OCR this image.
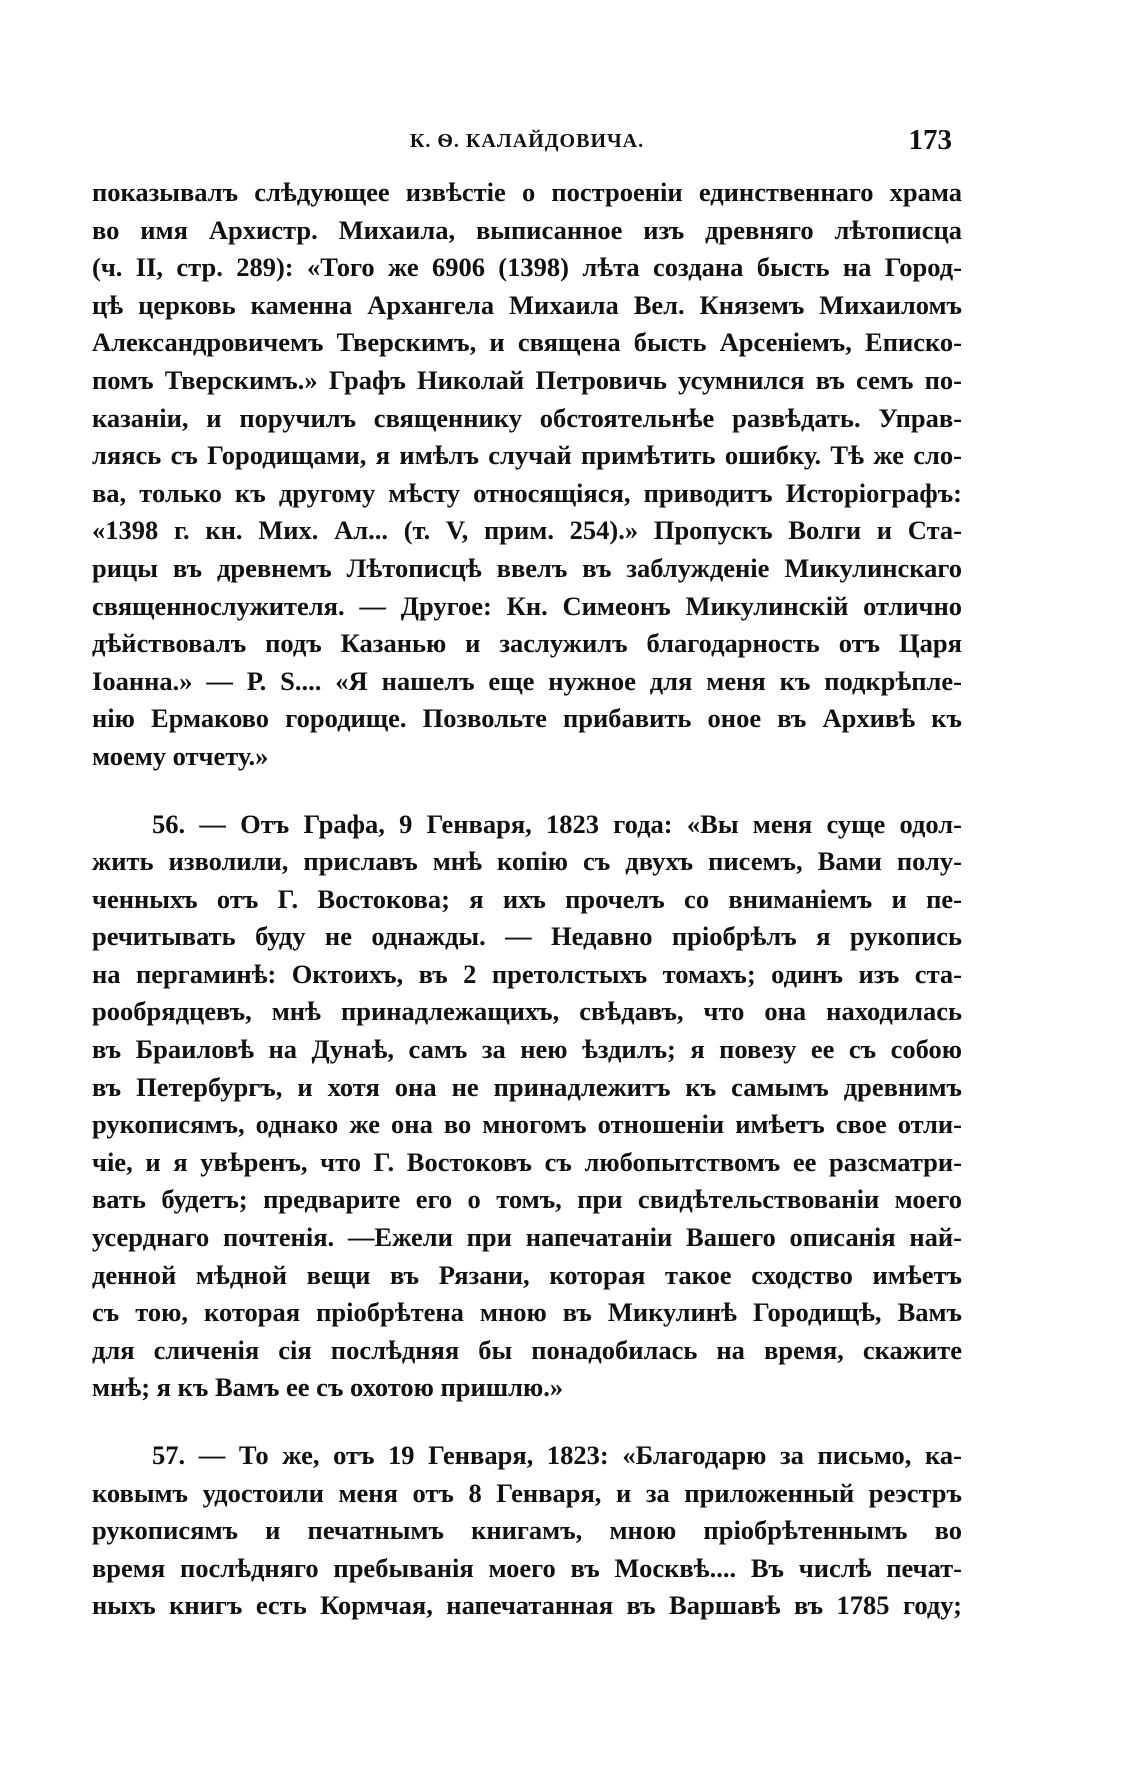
К. Ѳ. КАЛАЙДОВИЧА.	173
показывалъ слѣдующее извѣстіе о построеніи единственнаго храма
во имя Архистр. Михаила, выписанное изъ древняго лѣтописца
(ч. II, стр. 289): «Того же 6906 (1398) лѣта создана бысть на Город-
цѣ церковь каменна Архангела Михаила Вел. Княземъ Михаиломъ
Александровичемъ Тверскимъ, и священа бысть Арсеніемъ, Еписко-
помъ Тверскимъ.» Графъ Николай Петровичь усумнился въ семъ по-
казаніи, и поручилъ священнику обстоятельнѣе развѣдать. Управ-
ляясь съ Городищами, я имѣлъ случай примѣтить ошибку. Тѣ же сло-
ва, только къ другому мѣсту относящіяся, приводитъ Исторіографъ:
«1398 г. кн. Мих. Ал... (т. V, прим. 254).» Пропускъ Волги и Ста-
рицы въ древнемъ Лѣтописцѣ ввелъ въ заблужденіе Микулинскаго
священнослужителя. — Другое: Кн. Симеонъ Микулинскій отлично
дѣйствовалъ подъ Казанью и заслужилъ благодарность отъ Царя
Іоанна.» — Р. S.... «Я нашелъ еще нужное для меня къ подкрѣпле-
нію Ермаково городище. Позвольте прибавить оное въ Архивѣ къ
моему отчету.»
56. — Отъ Графа, 9 Генваря, 1823 года: «Вы меня суще одол-
жить изволили, приславъ мнѣ копію съ двухъ писемъ, Вами полу-
ченныхъ отъ Г. Востокова; я ихъ прочелъ со вниманіемъ и пе-
речитывать буду не однажды. — Недавно пріобрѣлъ я рукопись
на пергаминѣ: Октоихъ, въ 2 претолстыхъ томахъ; одинъ изъ ста-
рообрядцевъ, мнѣ принадлежащихъ, свѣдавъ, что она находилась
въ Браиловѣ на Дунаѣ, самъ за нею ѣздилъ; я повезу ее съ собою
въ Петербургъ, и хотя она не принадлежитъ къ самымъ древнимъ
рукописямъ, однако же она во многомъ отношеніи имѣетъ свое отли-
чіе, и я увѣренъ, что Г. Востоковъ съ любопытствомъ ее разсматри-
вать будетъ; предварите его о томъ, при свидѣтельствованіи моего
усерднаго почтенія. —Ежели при напечатаніи Вашего описанія най-
денной мѣдной вещи въ Рязани, которая такое сходство имѣетъ
съ тою, которая пріобрѣтена мною въ Микулинѣ Городищѣ, Вамъ
для сличенія сія послѣдняя бы понадобилась на время, скажите
мнѣ; я къ Вамъ ее съ охотою пришлю.»
57. — То же, отъ 19 Генваря, 1823: «Благодарю за письмо, ка-
ковымъ удостоили меня отъ 8 Генваря, и за приложенный реэстръ
рукописямъ и печатнымъ книгамъ, мною пріобрѣтеннымъ во
время послѣдняго пребыванія моего въ Москвѣ.... Въ числѣ печат-
ныхъ книгъ есть Кормчая, напечатанная въ Варшавѣ въ 1785 году;
